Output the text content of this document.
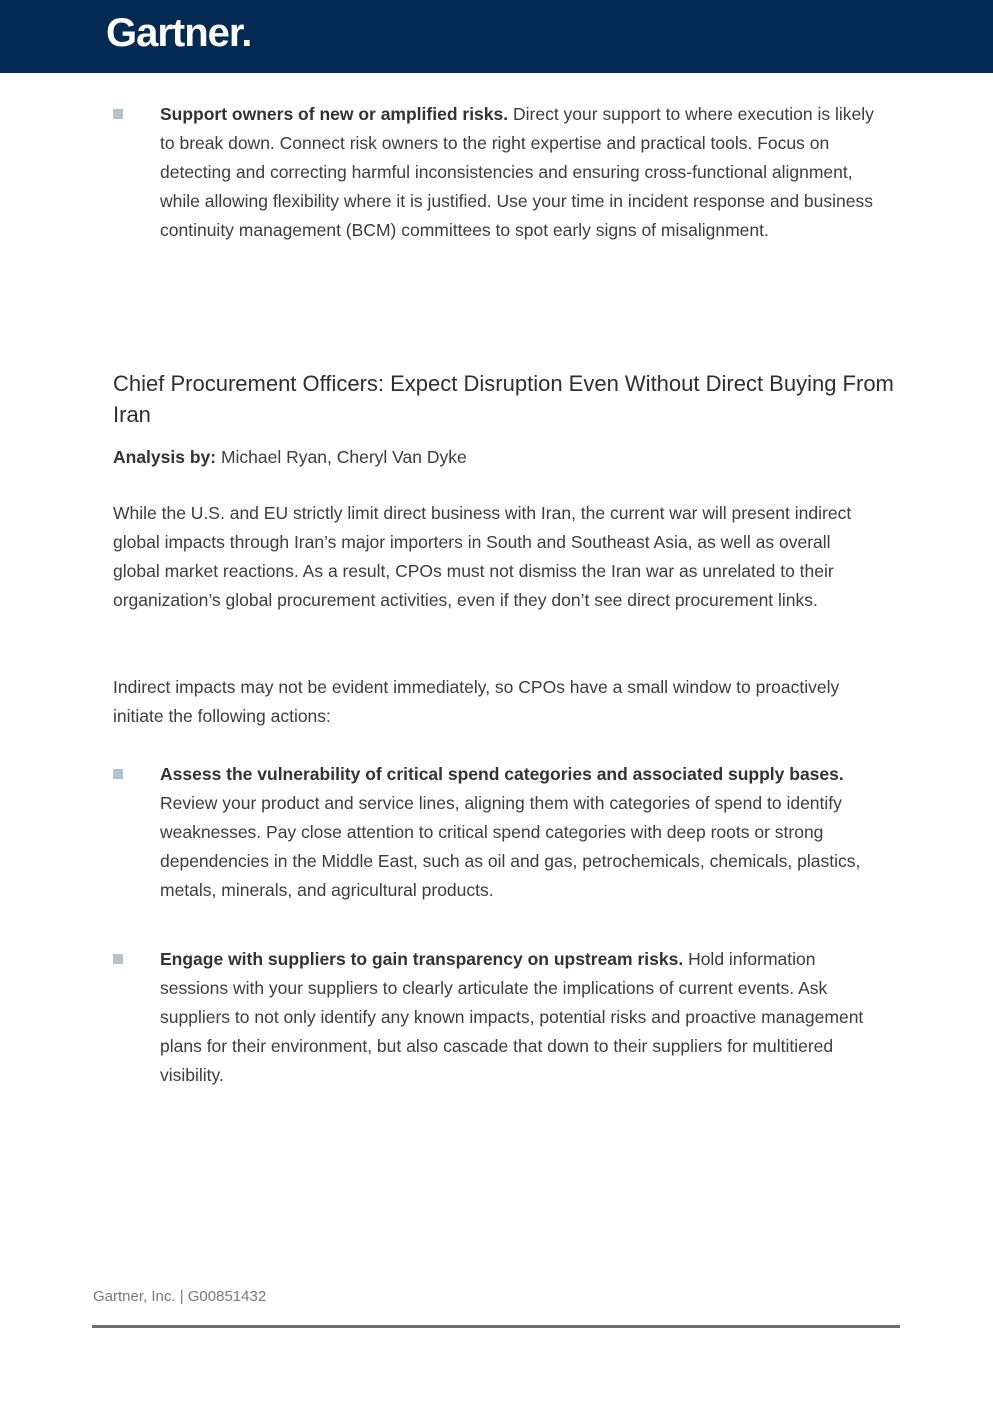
Gartner.
Support owners of new or amplified risks. Direct your support to where execution is likely to break down. Connect risk owners to the right expertise and practical tools. Focus on detecting and correcting harmful inconsistencies and ensuring cross-functional alignment, while allowing flexibility where it is justified. Use your time in incident response and business continuity management (BCM) committees to spot early signs of misalignment.
Chief Procurement Officers: Expect Disruption Even Without Direct Buying From Iran
Analysis by: Michael Ryan, Cheryl Van Dyke

While the U.S. and EU strictly limit direct business with Iran, the current war will present indirect global impacts through Iran’s major importers in South and Southeast Asia, as well as overall global market reactions. As a result, CPOs must not dismiss the Iran war as unrelated to their organization’s global procurement activities, even if they don’t see direct procurement links.

Indirect impacts may not be evident immediately, so CPOs have a small window to proactively initiate the following actions:

Assess the vulnerability of critical spend categories and associated supply bases. Review your product and service lines, aligning them with categories of spend to identify weaknesses. Pay close attention to critical spend categories with deep roots or strong dependencies in the Middle East, such as oil and gas, petrochemicals, chemicals, plastics, metals, minerals, and agricultural products.
Engage with suppliers to gain transparency on upstream risks. Hold information sessions with your suppliers to clearly articulate the implications of current events. Ask suppliers to not only identify any known impacts, potential risks and proactive management plans for their environment, but also cascade that down to their suppliers for multitiered visibility.
Gartner, Inc. | G00851432
